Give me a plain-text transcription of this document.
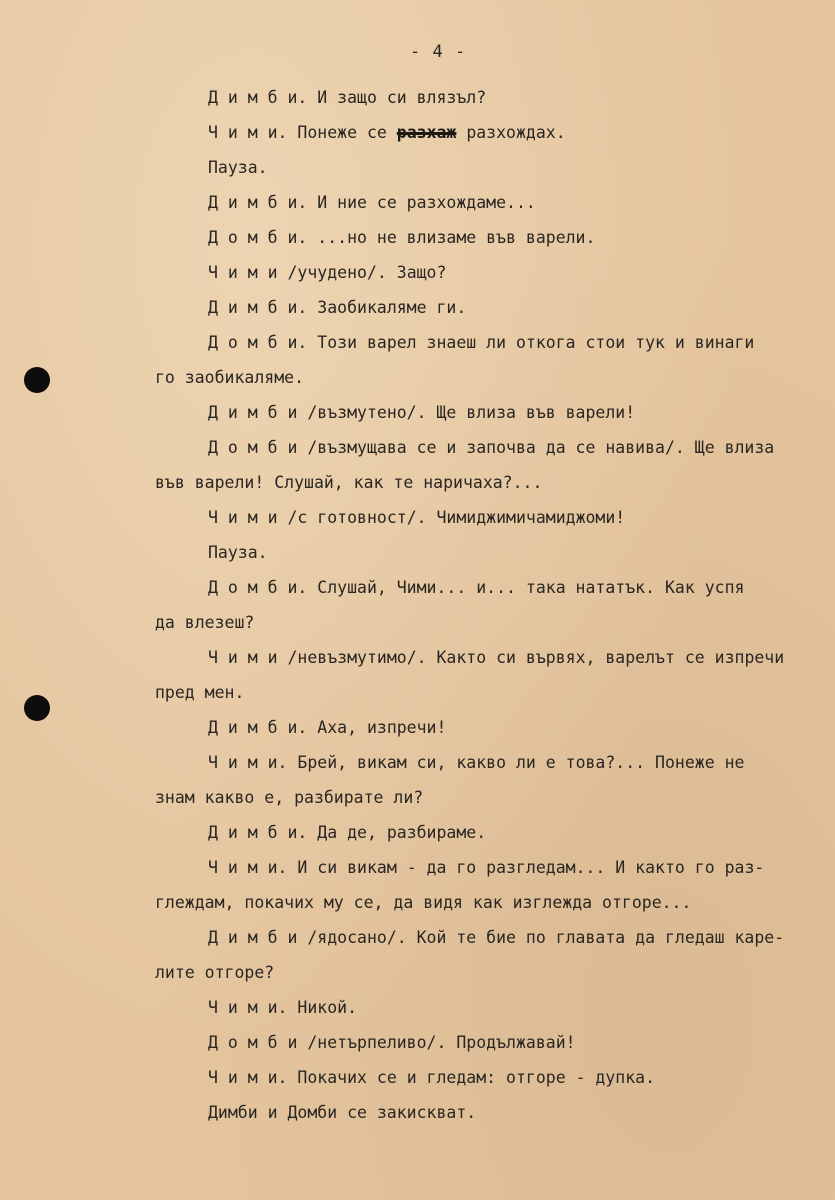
- 4 -
Д и м б и. И защо си влязъл?
Ч и м и. Понеже се разхаж разхождах.
Пауза.
Д и м б и. И ние се разхождаме...
Д о м б и. ...но не влизаме във варели.
Ч и м и /учудено/. Защо?
Д и м б и. Заобикаляме ги.
Д о м б и. Този варел знаеш ли откога стои тук и винаги
го заобикаляме.
Д и м б и /възмутено/. Ще влиза във варели!
Д о м б и /възмущава се и започва да се навива/. Ще влиза
във варели! Слушай, как те наричаха?...
Ч и м и /с готовност/. Чимиджимичамиджоми!
Пауза.
Д о м б и. Слушай, Чими... и... така нататък. Как успя
да влезеш?
Ч и м и /невъзмутимо/. Както си вървях, варелът се изпречи
пред мен.
Д и м б и. Аха, изпречи!
Ч и м и. Брей, викам си, какво ли е това?... Понеже не
знам какво е, разбирате ли?
Д и м б и. Да де, разбираме.
Ч и м и. И си викам - да го разгледам... И както го раз-
глеждам, покачих му се, да видя как изглежда отгоре...
Д и м б и /ядосано/. Кой те бие по главата да гледаш каре-
лите отгоре?
Ч и м и. Никой.
Д о м б и /нетърпеливо/. Продължавай!
Ч и м и. Покачих се и гледам: отгоре - дупка.
Димби и Домби се закискват.
